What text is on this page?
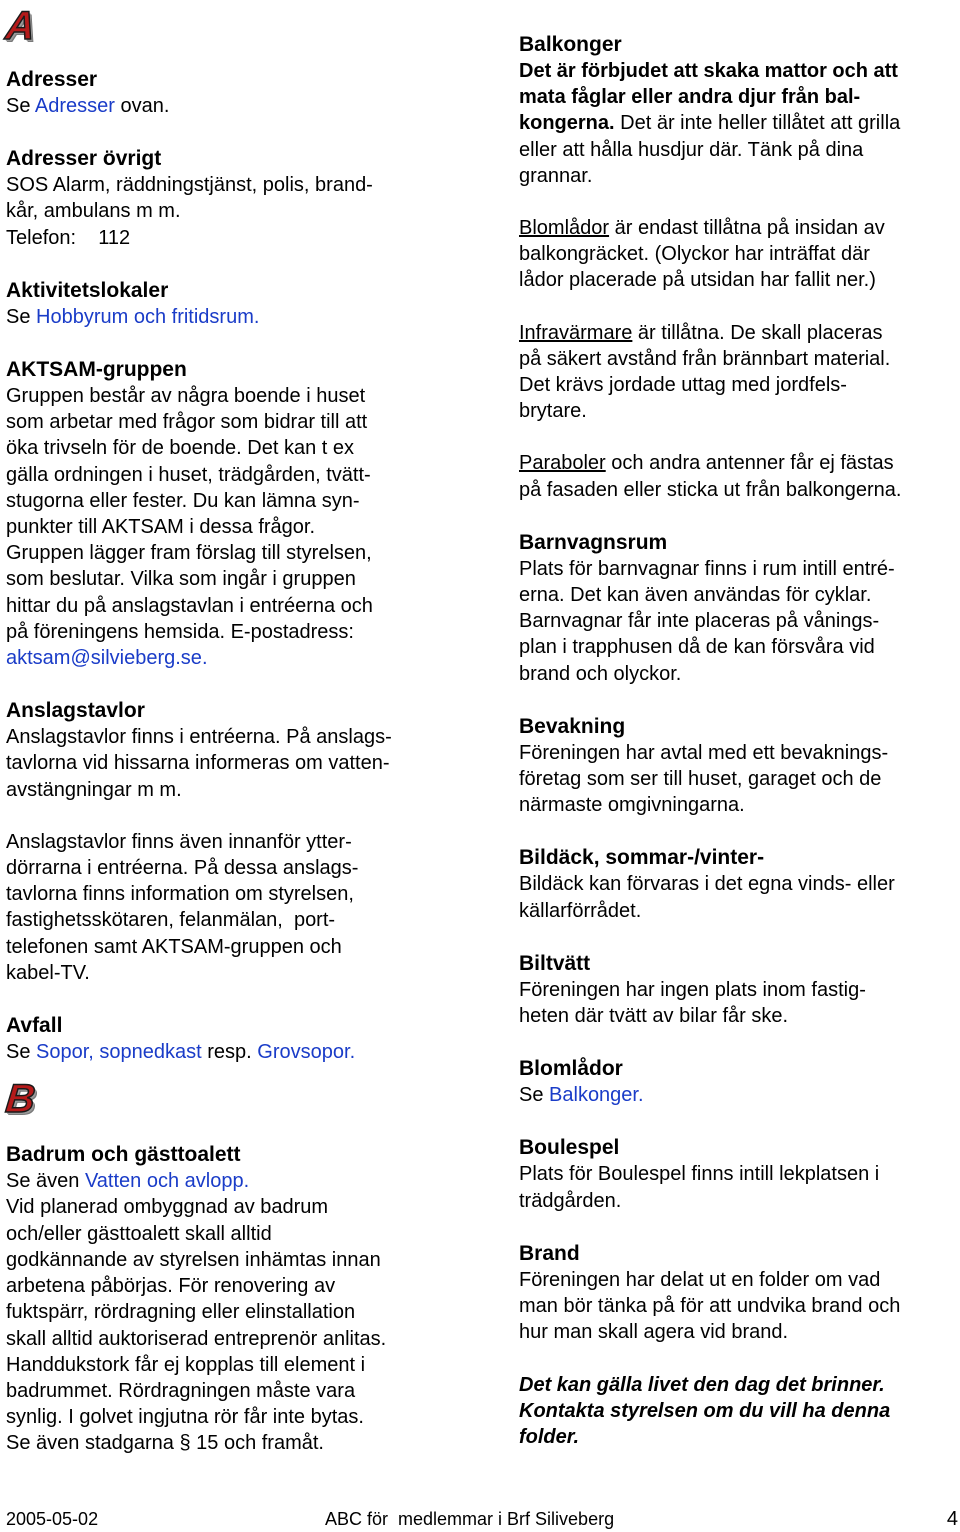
A
Adresser

Se Adresser ovan.

Adresser övrigt

SOS Alarm, räddningstjänst, polis, brand-

kår, ambulans m m.

Telefon:    112

Aktivitetslokaler

Se Hobbyrum och fritidsrum.

AKTSAM-gruppen

Gruppen består av några boende i huset

som arbetar med frågor som bidrar till att

öka trivseln för de boende. Det kan t ex

gälla ordningen i huset, trädgården, tvätt-

stugorna eller fester. Du kan lämna syn-

punkter till AKTSAM i dessa frågor.

Gruppen lägger fram förslag till styrelsen,

som beslutar. Vilka som ingår i gruppen

hittar du på anslagstavlan i entréerna och

på föreningens hemsida. E-postadress:

aktsam@silvieberg.se.

Anslagstavlor

Anslagstavlor finns i entréerna. På anslags-

tavlorna vid hissarna informeras om vatten-

avstängningar m m.

Anslagstavlor finns även innanför ytter-

dörrarna i entréerna. På dessa anslags-

tavlorna finns information om styrelsen,

fastighetsskötaren, felanmälan,  port-

telefonen samt AKTSAM-gruppen och

kabel-TV.

Avfall

Se Sopor, sopnedkast resp. Grovsopor.

B
Badrum och gästtoalett

Se även Vatten och avlopp.

Vid planerad ombyggnad av badrum

och/eller gästtoalett skall alltid

godkännande av styrelsen inhämtas innan

arbetena påbörjas. För renovering av

fuktspärr, rördragning eller elinstallation

skall alltid auktoriserad entreprenör anlitas.

Handdukstork får ej kopplas till element i

badrummet. Rördragningen måste vara

synlig. I golvet ingjutna rör får inte bytas.

Se även stadgarna § 15 och framåt.

Balkonger

Det är förbjudet att skaka mattor och att

mata fåglar eller andra djur från bal-

kongerna. Det är inte heller tillåtet att grilla

eller att hålla husdjur där. Tänk på dina

grannar.

Blomlådor är endast tillåtna på insidan av

balkongräcket. (Olyckor har inträffat där

lådor placerade på utsidan har fallit ner.)

Infravärmare är tillåtna. De skall placeras

på säkert avstånd från brännbart material.

Det krävs jordade uttag med jordfels-

brytare.

Paraboler och andra antenner får ej fästas

på fasaden eller sticka ut från balkongerna.

Barnvagnsrum

Plats för barnvagnar finns i rum intill entré-

erna. Det kan även användas för cyklar.

Barnvagnar får inte placeras på vånings-

plan i trapphusen då de kan försvåra vid

brand och olyckor.

Bevakning

Föreningen har avtal med ett bevaknings-

företag som ser till huset, garaget och de

närmaste omgivningarna.

Bildäck, sommar-/vinter-

Bildäck kan förvaras i det egna vinds- eller

källarförrådet.

Biltvätt

Föreningen har ingen plats inom fastig-

heten där tvätt av bilar får ske.

Blomlådor

Se Balkonger.

Boulespel

Plats för Boulespel finns intill lekplatsen i

trädgården.

Brand

Föreningen har delat ut en folder om vad

man bör tänka på för att undvika brand och

hur man skall agera vid brand.

Det kan gälla livet den dag det brinner.

Kontakta styrelsen om du vill ha denna

folder.

2005-05-02	ABC för  medlemmar i Brf Siliveberg	4
